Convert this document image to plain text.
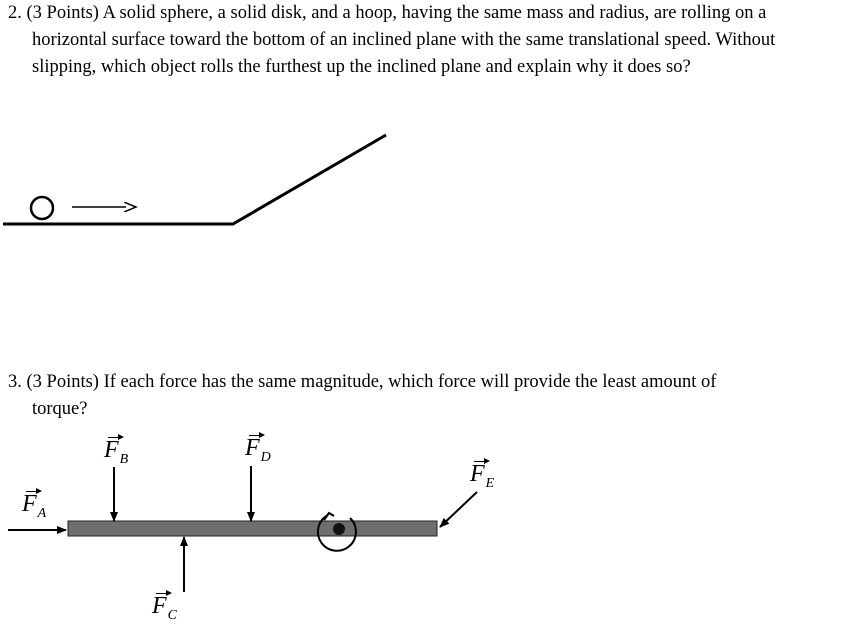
2. (3 Points) A solid sphere, a solid disk, and a hoop, having the same mass and radius, are rolling on a
horizontal surface toward the bottom of an inclined plane with the same translational speed. Without
slipping, which object rolls the furthest up the inclined plane and explain why it does so?
3. (3 Points) If each force has the same magnitude, which force will provide the least amount of
torque?
$F_A$
$F_B$
$F_C$
$F_D$
$F_E$
